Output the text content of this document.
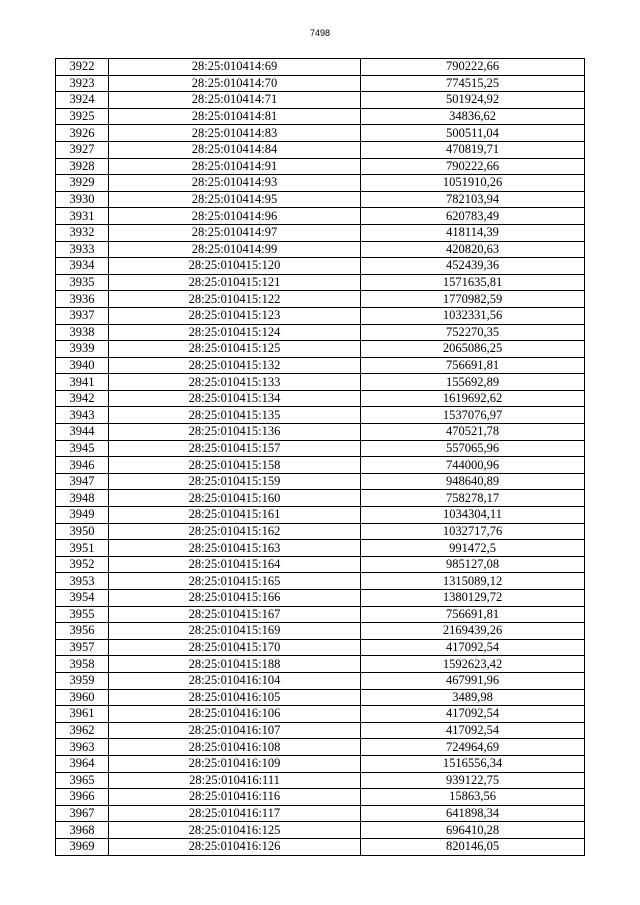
7498
3922	28:25:010414:69	790222,66
3923	28:25:010414:70	774515,25
3924	28:25:010414:71	501924,92
3925	28:25:010414:81	34836,62
3926	28:25:010414:83	500511,04
3927	28:25:010414:84	470819,71
3928	28:25:010414:91	790222,66
3929	28:25:010414:93	1051910,26
3930	28:25:010414:95	782103,94
3931	28:25:010414:96	620783,49
3932	28:25:010414:97	418114,39
3933	28:25:010414:99	420820,63
3934	28:25:010415:120	452439,36
3935	28:25:010415:121	1571635,81
3936	28:25:010415:122	1770982,59
3937	28:25:010415:123	1032331,56
3938	28:25:010415:124	752270,35
3939	28:25:010415:125	2065086,25
3940	28:25:010415:132	756691,81
3941	28:25:010415:133	155692,89
3942	28:25:010415:134	1619692,62
3943	28:25:010415:135	1537076,97
3944	28:25:010415:136	470521,78
3945	28:25:010415:157	557065,96
3946	28:25:010415:158	744000,96
3947	28:25:010415:159	948640,89
3948	28:25:010415:160	758278,17
3949	28:25:010415:161	1034304,11
3950	28:25:010415:162	1032717,76
3951	28:25:010415:163	991472,5
3952	28:25:010415:164	985127,08
3953	28:25:010415:165	1315089,12
3954	28:25:010415:166	1380129,72
3955	28:25:010415:167	756691,81
3956	28:25:010415:169	2169439,26
3957	28:25:010415:170	417092,54
3958	28:25:010415:188	1592623,42
3959	28:25:010416:104	467991,96
3960	28:25:010416:105	3489,98
3961	28:25:010416:106	417092,54
3962	28:25:010416:107	417092,54
3963	28:25:010416:108	724964,69
3964	28:25:010416:109	1516556,34
3965	28:25:010416:111	939122,75
3966	28:25:010416:116	15863,56
3967	28:25:010416:117	641898,34
3968	28:25:010416:125	696410,28
3969	28:25:010416:126	820146,05
